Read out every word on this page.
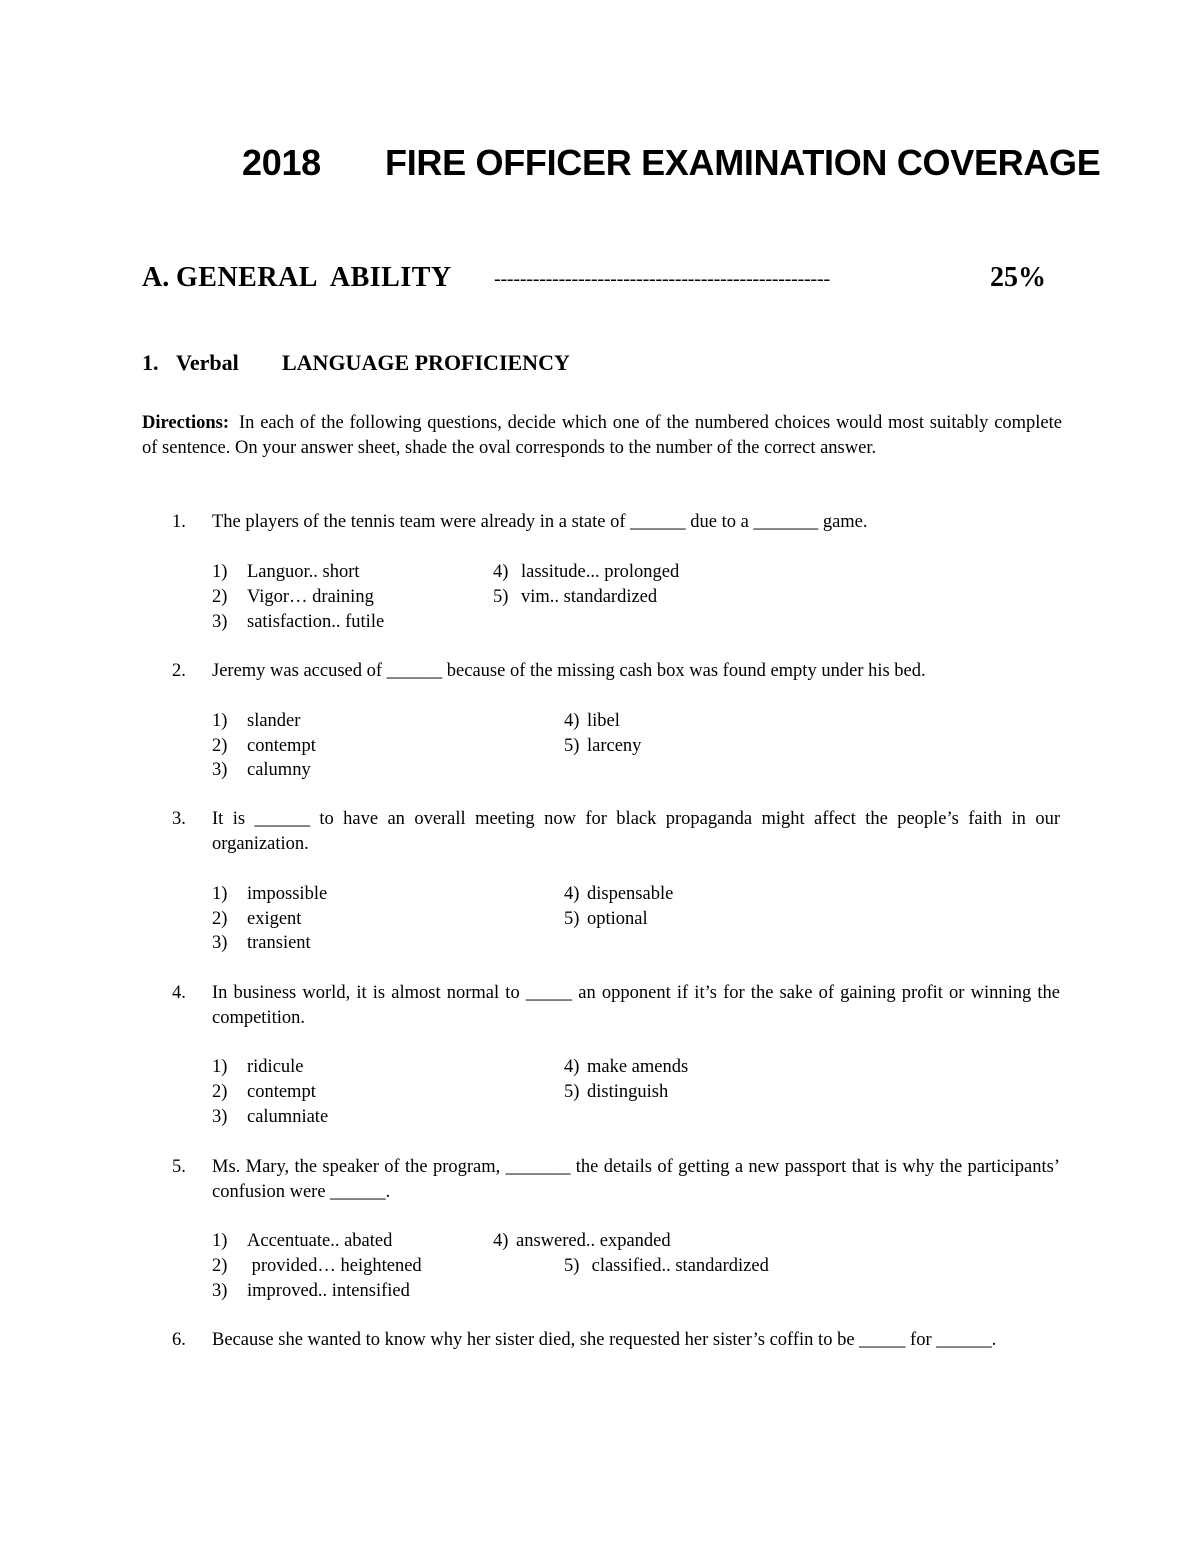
2018 FIRE OFFICER EXAMINATION COVERAGE
A. GENERAL  ABILITY ----------------------------------------------------	25%
1. Verbal LANGUAGE PROFICIENCY
Directions: In each of the following questions, decide which one of the numbered choices would most suitably complete of sentence. On your answer sheet, shade the oval corresponds to the number of the correct answer.
1. The players of the tennis team were already in a state of ______ due to a _______ game.
1) Languor.. short
2) Vigor… draining
3) satisfaction.. futile
4) lassitude... prolonged
5) vim.. standardized
2. Jeremy was accused of ______ because of the missing cash box was found empty under his bed.
1) slander
2) contempt
3) calumny
4) libel
5) larceny
3. It is ______ to have an overall meeting now for black propaganda might affect the people’s faith in our organization.
1) impossible
2) exigent
3) transient
4) dispensable
5) optional
4. In business world, it is almost normal to _____ an opponent if it’s for the sake of gaining profit or winning the competition.
1) ridicule
2) contempt
3) calumniate
4) make amends
5) distinguish
5. Ms. Mary, the speaker of the program, _______ the details of getting a new passport that is why the participants’ confusion were ______.
1) Accentuate.. abated
2) provided… heightened
3) improved.. intensified
4) answered.. expanded
5) classified.. standardized
6. Because she wanted to know why her sister died, she requested her sister’s coffin to be _____ for ______.
